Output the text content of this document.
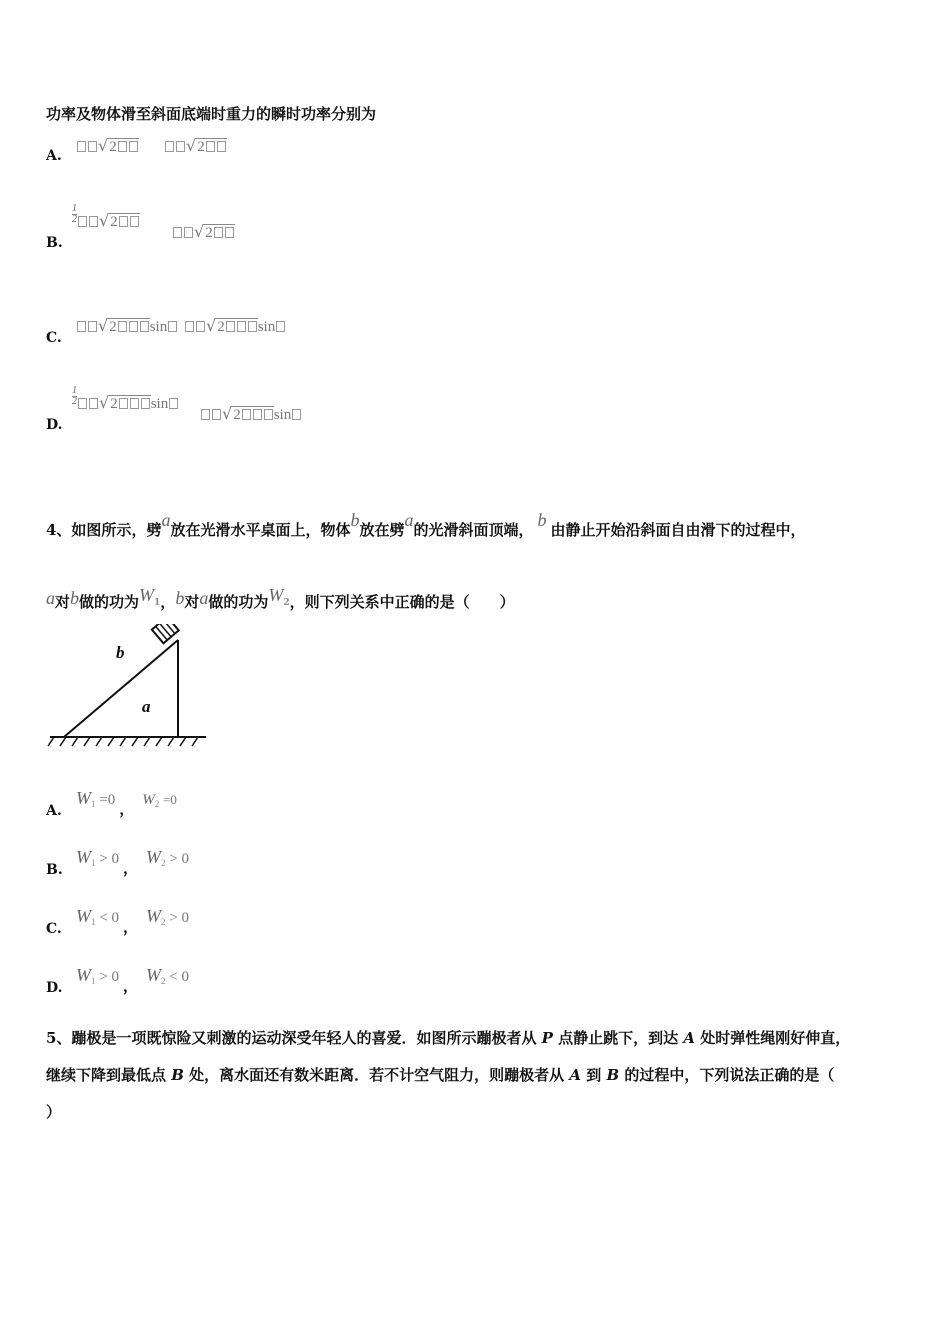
功率及物体滑至斜面底端时重力的瞬时功率分别为
A.
√2	√2
B.
$\frac{1}{2} √2$	√2
C.
√2 sin	√2 sin
D.
$\frac{1}{2} √2$ sin	√2 sin
4、如图所示，劈a放在光滑水平桌面上，物体b放在劈a的光滑斜面顶端， b 由静止开始沿斜面自由滑下的过程中，
a对b做的功为$W^1$，b对a做的功为$W^2$，则下列关系中正确的是（　　）
b
a
A.
$W_1 =0$，$W_2 =0$
B.
$W_1 > 0$，$W_2 > 0$
C.
$W_1 < 0$，$W_2 > 0$
D.
$W_1 > 0$，$W_2 < 0$
5、蹦极是一项既惊险又刺激的运动深受年轻人的喜爱．如图所示蹦极者从 P 点静止跳下，到达 A 处时弹性绳刚好伸直，
继续下降到最低点 B 处，离水面还有数米距离．若不计空气阻力，则蹦极者从 A 到 B 的过程中，下列说法正确的是（
）
